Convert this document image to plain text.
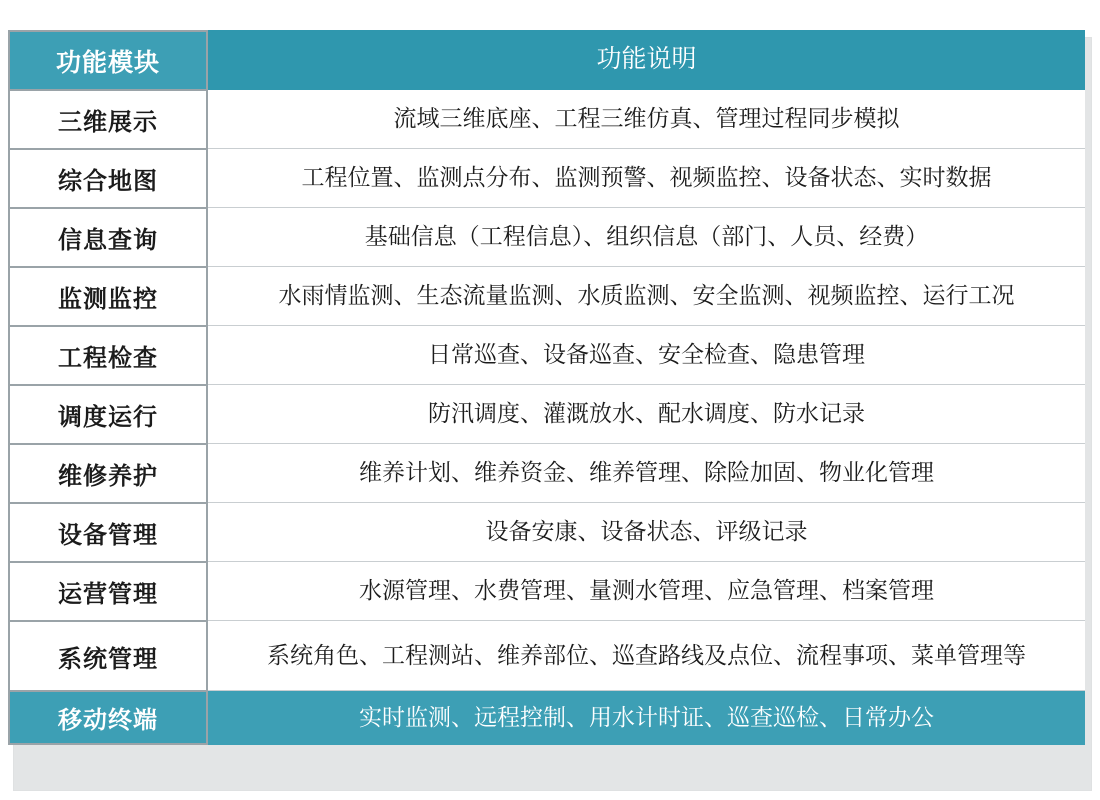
功能模块	功能说明
三维展示	流域三维底座、工程三维仿真、管理过程同步模拟
综合地图	工程位置、监测点分布、监测预警、视频监控、设备状态、实时数据
信息查询	基础信息（工程信息）、组织信息（部门、人员、经费）
监测监控	水雨情监测、生态流量监测、水质监测、安全监测、视频监控、运行工况
工程检查	日常巡查、设备巡查、安全检查、隐患管理
调度运行	防汛调度、灌溉放水、配水调度、防水记录
维修养护	维养计划、维养资金、维养管理、除险加固、物业化管理
设备管理	设备安康、设备状态、评级记录
运营管理	水源管理、水费管理、量测水管理、应急管理、档案管理
系统管理	系统角色、工程测站、维养部位、巡查路线及点位、流程事项、菜单管理等
移动终端	实时监测、远程控制、用水计时证、巡查巡检、日常办公
